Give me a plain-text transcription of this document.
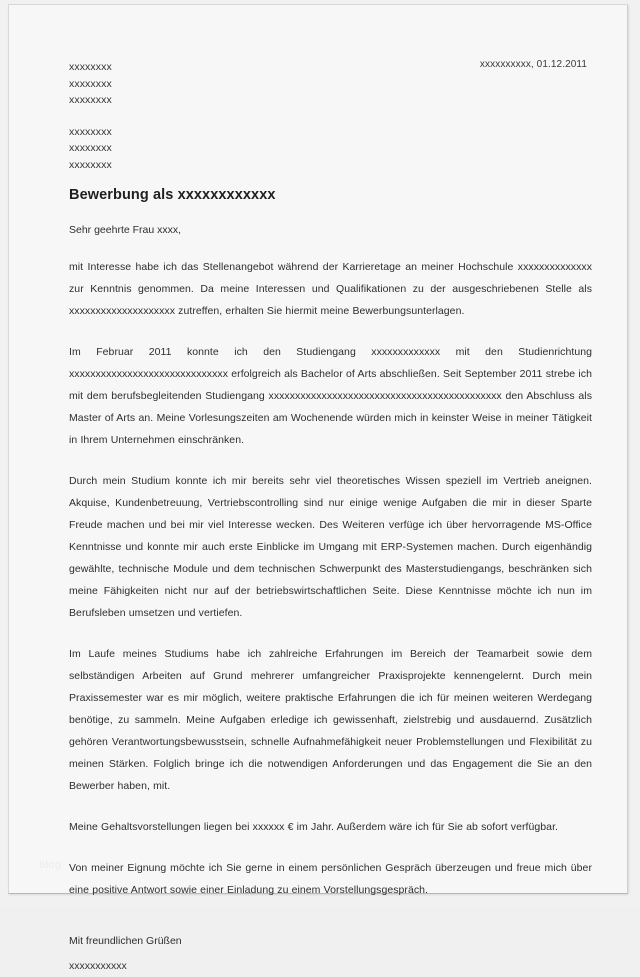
xxxxxxxx
xxxxxxxx
xxxxxxxx
xxxxxxxx
xxxxxxxx
xxxxxxxx
xxxxxxxxxx, 01.12.2011
Bewerbung als xxxxxxxxxxxx
Sehr geehrte Frau xxxx,

mit Interesse habe ich das Stellenangebot während der Karrieretage an meiner Hochschule xxxxxxxxxxxxxx zur Kenntnis genommen. Da meine Interessen und Qualifikationen zu der ausgeschriebenen Stelle als xxxxxxxxxxxxxxxxxxxx zutreffen, erhalten Sie hiermit meine Bewerbungsunterlagen.

Im Februar 2011 konnte ich den Studiengang xxxxxxxxxxxxx mit den Studienrichtung xxxxxxxxxxxxxxxxxxxxxxxxxxxxxx erfolgreich als Bachelor of Arts abschließen. Seit September 2011 strebe ich mit dem berufsbegleitenden Studiengang xxxxxxxxxxxxxxxxxxxxxxxxxxxxxxxxxxxxxxxxxxxx den Abschluss als Master of Arts an. Meine Vorlesungszeiten am Wochenende würden mich in keinster Weise in meiner Tätigkeit in Ihrem Unternehmen einschränken.

Durch mein Studium konnte ich mir bereits sehr viel theoretisches Wissen speziell im Vertrieb aneignen. Akquise, Kundenbetreuung, Vertriebscontrolling sind nur einige wenige Aufgaben die mir in dieser Sparte Freude machen und bei mir viel Interesse wecken. Des Weiteren verfüge ich über hervorragende MS-Office Kenntnisse und konnte mir auch erste Einblicke im Umgang mit ERP-Systemen machen. Durch eigenhändig gewählte, technische Module und dem technischen Schwerpunkt des Masterstudiengangs, beschränken sich meine Fähigkeiten nicht nur auf der betriebswirtschaftlichen Seite. Diese Kenntnisse möchte ich nun im Berufsleben umsetzen und vertiefen.

Im Laufe meines Studiums habe ich zahlreiche Erfahrungen im Bereich der Teamarbeit sowie dem selbständigen Arbeiten auf Grund mehrerer umfangreicher Praxisprojekte kennengelernt. Durch mein Praxissemester war es mir möglich, weitere praktische Erfahrungen die ich für meinen weiteren Werdegang benötige, zu sammeln. Meine Aufgaben erledige ich gewissenhaft, zielstrebig und ausdauernd. Zusätzlich gehören Verantwortungsbewusstsein, schnelle Aufnahmefähigkeit neuer Problemstellungen und Flexibilität zu meinen Stärken. Folglich bringe ich die notwendigen Anforderungen und das Engagement die Sie an den Bewerber haben, mit.

Meine Gehaltsvorstellungen liegen bei xxxxxx € im Jahr. Außerdem wäre ich für Sie ab sofort verfügbar.

Von meiner Eignung möchte ich Sie gerne in einem persönlichen Gespräch überzeugen und freue mich über eine positive Antwort sowie einer Einladung zu einem Vorstellungsgespräch.

Mit freundlichen Grüßen
xxxxxxxxxxx
blog
